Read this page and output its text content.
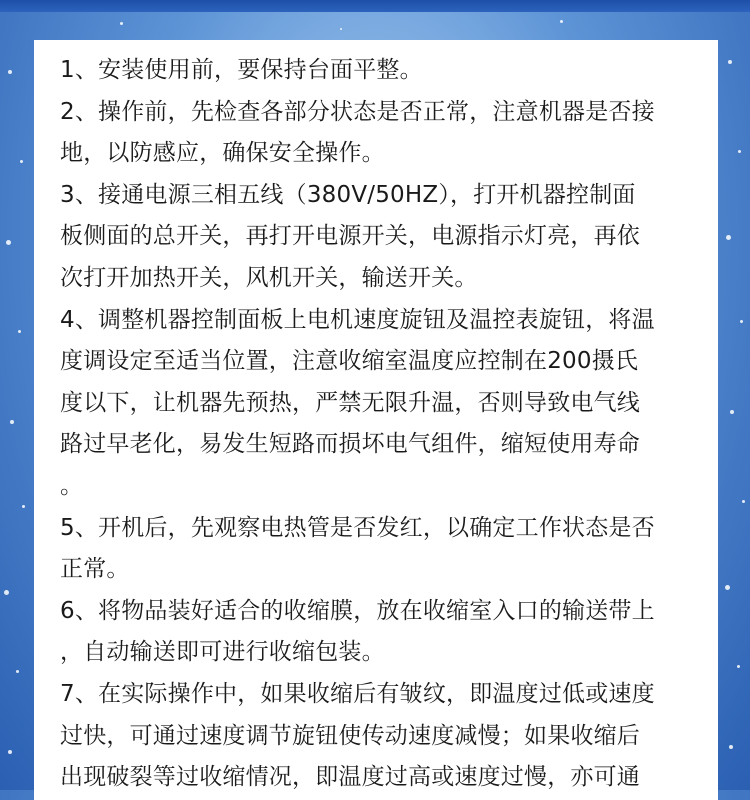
1、安装使用前，要保持台面平整。
2、操作前，先检查各部分状态是否正常，注意机器是否接
地，以防感应，确保安全操作。
3、接通电源三相五线（380V/50HZ），打开机器控制面
板侧面的总开关，再打开电源开关，电源指示灯亮，再依
次打开加热开关，风机开关，输送开关。
4、调整机器控制面板上电机速度旋钮及温控表旋钮，将温
度调设定至适当位置，注意收缩室温度应控制在200摄氏
度以下，让机器先预热，严禁无限升温，否则导致电气线
路过早老化，易发生短路而损坏电气组件，缩短使用寿命
。
5、开机后，先观察电热管是否发红，以确定工作状态是否
正常。
6、将物品装好适合的收缩膜，放在收缩室入口的输送带上
，自动输送即可进行收缩包装。
7、在实际操作中，如果收缩后有皱纹，即温度过低或速度
过快，可通过速度调节旋钮使传动速度减慢；如果收缩后
出现破裂等过收缩情况，即温度过高或速度过慢，亦可通
